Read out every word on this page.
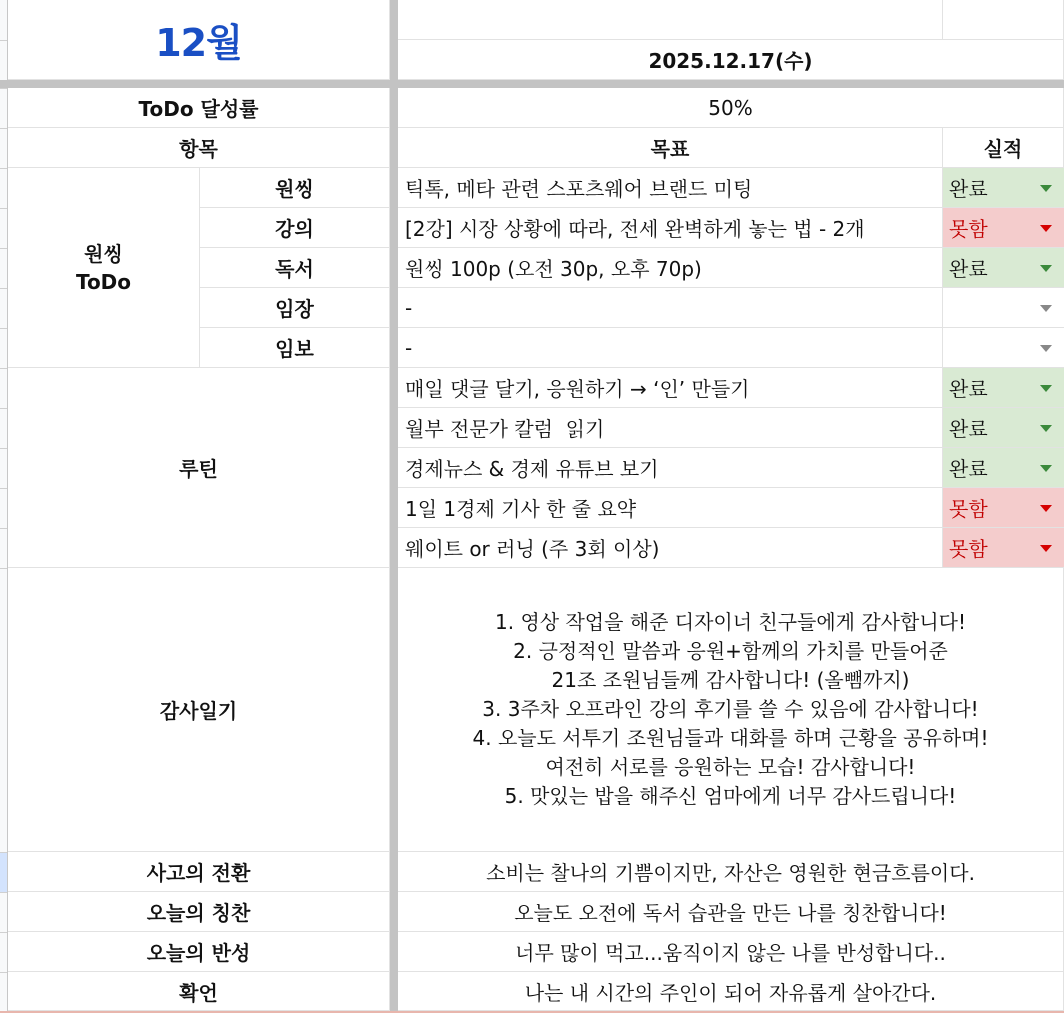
12월	2025.12.17(수)
ToDo 달성률	50%
항목	목표	실적
원씽
ToDo
원씽	틱톡, 메타 관련 스포츠웨어 브랜드 미팅	완료
강의	[2강] 시장 상황에 따라, 전세 완벽하게 놓는 법 - 2개	못함
독서	원씽 100p (오전 30p, 오후 70p)	완료
임장	-
임보	-
루틴
매일 댓글 달기, 응원하기 → ‘인’ 만들기	완료
월부 전문가 칼럼  읽기	완료
경제뉴스 & 경제 유튜브 보기	완료
1일 1경제 기사 한 줄 요약	못함
웨이트 or 러닝 (주 3회 이상)	못함
감사일기
1. 영상 작업을 해준 디자이너 친구들에게 감사합니다!
2. 긍정적인 말씀과 응원+함께의 가치를 만들어준
21조 조원님들께 감사합니다! (올뺌까지)
3. 3주차 오프라인 강의 후기를 쓸 수 있음에 감사합니다!
4. 오늘도 서투기 조원님들과 대화를 하며 근황을 공유하며!
여전히 서로를 응원하는 모습! 감사합니다!
5. 맛있는 밥을 해주신 엄마에게 너무 감사드립니다!
사고의 전환	소비는 찰나의 기쁨이지만, 자산은 영원한 현금흐름이다.
오늘의 칭찬	오늘도 오전에 독서 습관을 만든 나를 칭찬합니다!
오늘의 반성	너무 많이 먹고...움직이지 않은 나를 반성합니다..
확언	나는 내 시간의 주인이 되어 자유롭게 살아간다.
